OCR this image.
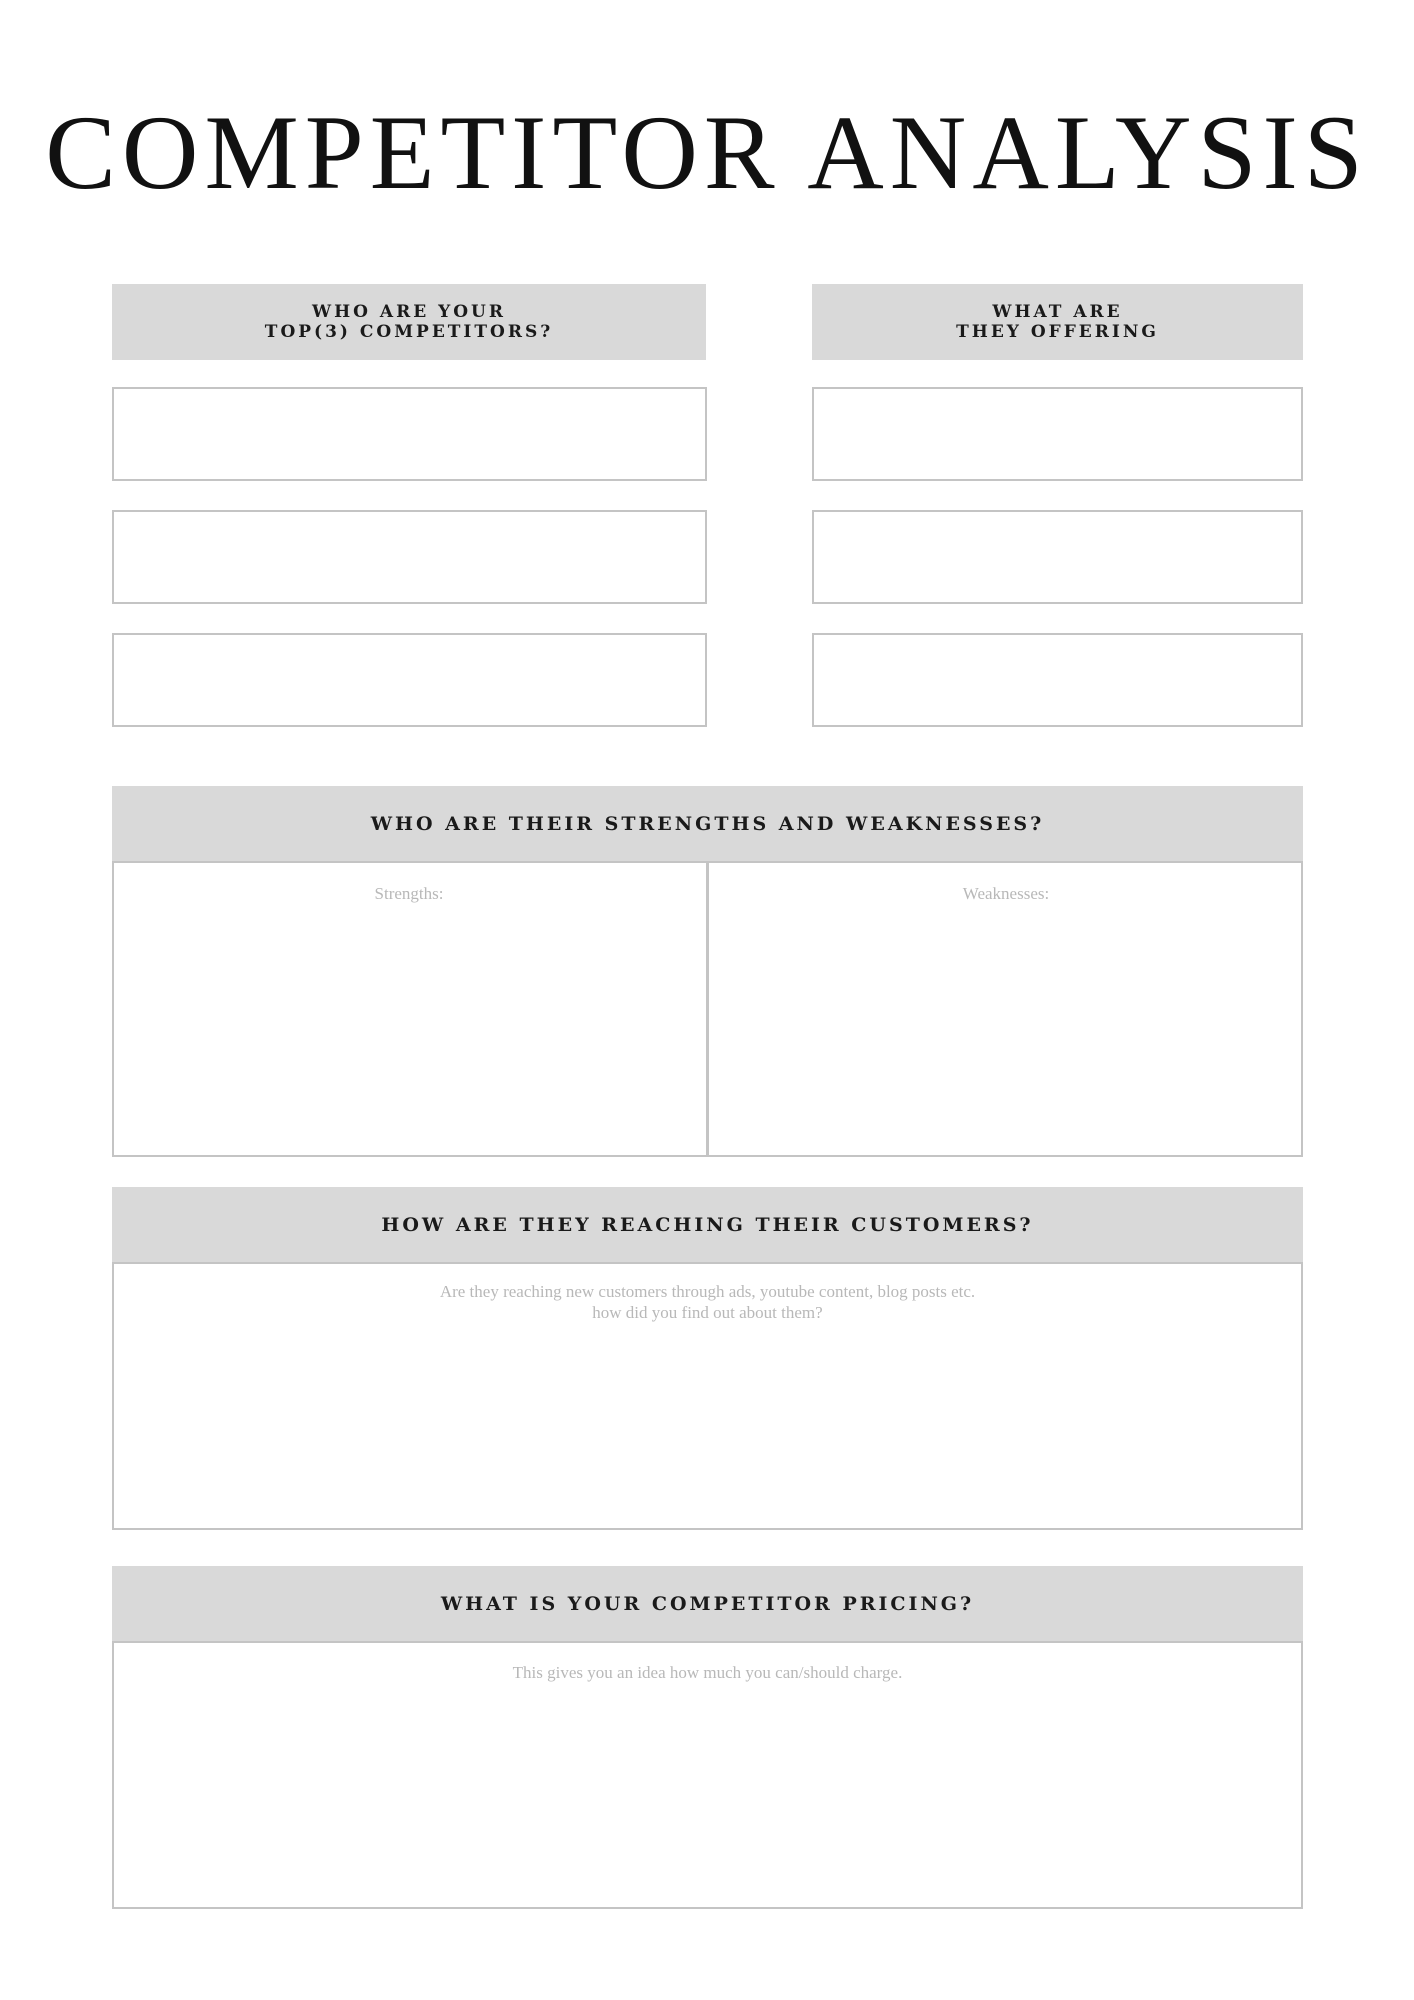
COMPETITOR ANALYSIS
WHO ARE YOUR
TOP(3) COMPETITORS?
WHAT ARE
THEY OFFERING
WHO ARE THEIR STRENGTHS AND WEAKNESSES?
Strengths:	Weaknesses:
HOW ARE THEY REACHING THEIR CUSTOMERS?
Are they reaching new customers through ads, youtube content, blog posts etc.
how did you find out about them?
WHAT IS YOUR COMPETITOR PRICING?
This gives you an idea how much you can/should charge.
